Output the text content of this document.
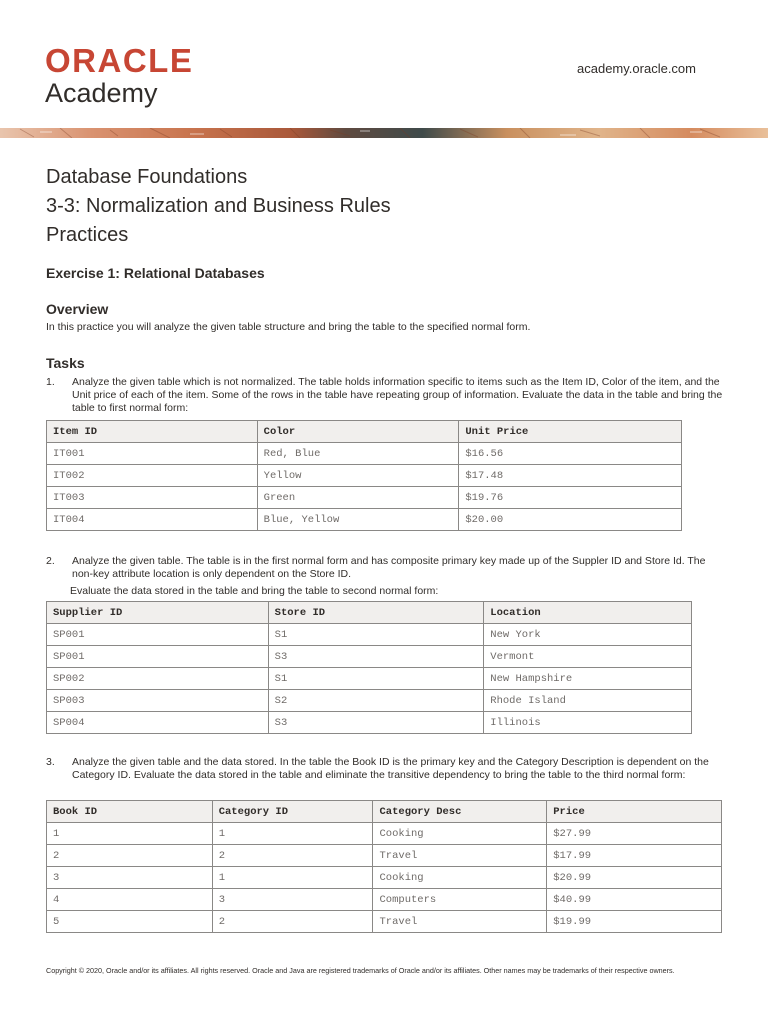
ORACLE
Academy
academy.oracle.com
Database Foundations
3-3: Normalization and Business Rules
Practices
Exercise 1: Relational Databases
Overview
In this practice you will analyze the given table structure and bring the table to the specified normal form.
Tasks
1. Analyze the given table which is not normalized. The table holds information specific to items such as the Item ID, Color of the item, and the Unit price of each of the item. Some of the rows in the table have repeating group of information. Evaluate the data in the table and bring the table to first normal form:
Item ID	Color	Unit Price
IT001	Red, Blue	$16.56
IT002	Yellow	$17.48
IT003	Green	$19.76
IT004	Blue, Yellow	$20.00
2. Analyze the given table. The table is in the first normal form and has composite primary key made up of the Suppler ID and Store Id. The non-key attribute location is only dependent on the Store ID.
Evaluate the data stored in the table and bring the table to second normal form:
Supplier ID	Store ID	Location
SP001	S1	New York
SP001	S3	Vermont
SP002	S1	New Hampshire
SP003	S2	Rhode Island
SP004	S3	Illinois
3. Analyze the given table and the data stored. In the table the Book ID is the primary key and the Category Description is dependent on the Category ID. Evaluate the data stored in the table and eliminate the transitive dependency to bring the table to the third normal form:
Book ID	Category ID	Category Desc	Price
1	1	Cooking	$27.99
2	2	Travel	$17.99
3	1	Cooking	$20.99
4	3	Computers	$40.99
5	2	Travel	$19.99
Copyright © 2020, Oracle and/or its affiliates. All rights reserved. Oracle and Java are registered trademarks of Oracle and/or its affiliates. Other names may be trademarks of their respective owners.
